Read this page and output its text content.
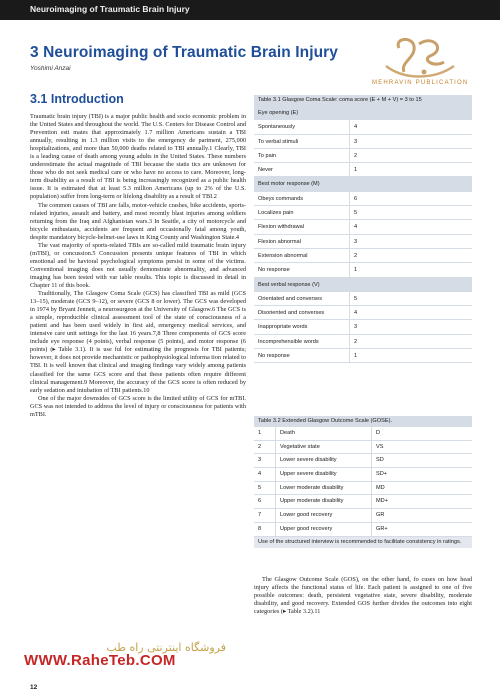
Neuroimaging of Traumatic Brain Injury
3 Neuroimaging of Traumatic Brain Injury
Yoshimi Anzai
MEHRAVIN PUBLICATION
3.1 Introduction

Traumatic brain injury (TBI) is a major public health and socio economic problem in the United States and throughout the world. The U.S. Centers for Disease Control and Prevention esti mates that approximately 1.7 million Americans sustain a TBI annually, resulting in 1.3 million visits to the emergency de partment, 275,000 hospitalizations, and more than 50,000 deaths related to TBI annually.1 Clearly, TBI is a leading cause of death among young adults in the United States. These numbers underestimate the actual magnitude of TBI because the statis tics are unknown for those who do not seek medical care or who have no access to care. Moreover, long-term disability as a result of TBI is being increasingly recognized as a public health issue. It is estimated that at least 5.3 million Americans (up to 2% of the U.S. population) suffer from long-term or lifelong disability as a result of TBI.2

The common causes of TBI are falls, motor-vehicle crashes, bike accidents, sports-related injuries, assault and battery, and most recently blast injuries among soldiers returning from the Iraq and Afghanistan wars.3 In Seattle, a city of motorcycle and bicycle enthusiasts, accidents are frequent and occasionally fatal among youth, despite mandatory bicycle-helmet-use laws in King County and Washington State.4

The vast majority of sports-related TBIs are so-called mild traumatic brain injury (mTBI), or concussion.5 Concussion presents unique features of TBI in which emotional and be havioral psychological symptoms persist in some of the victims. Conventional imaging does not usually demonstrate abnormality, and advanced imaging has been tested with var iable results. This topic is discussed in detail in Chapter 11 of this book.

Traditionally, The Glasgow Coma Scale (GCS) has classified TBI as mild (GCS 13–15), moderate (GCS 9–12), or severe (GCS 8 or lower). The GCS was developed in 1974 by Bryant Jennett, a neurosurgeon at the University of Glasgow.6 The GCS is a simple, reproducible clinical assessment tool of the state of consciousness of a patient and has been used widely in first aid, emergency medical services, and intensive care unit settings for the last 16 years.7,8 Three components of GCS score include eye response (4 points), verbal response (5 points), and motor response (6 points) (▸ Table 3.1). It is use ful for estimating the prognosis for TBI patients; however, it does not provide mechanistic or pathophysiological informa tion related to TBI. It is well known that clinical and imaging findings vary widely among patients classified for the same GCS score and that these patients often require different clinical management.9 Moreover, the accuracy of the GCS score is often reduced by early sedation and intubation of TBI patients.10

One of the major downsides of GCS score is the limited utility of GCS for mTBI. GCS was not intended to address the level of injury or consciousness for patients with mTBI.

Table 3.1 Glasgow Coma Scale: coma score (E + M + V) = 3 to 15
Eye opening (E)
Spontaneously	4
To verbal stimuli	3
To pain	2
Never	1
Best motor response (M)
Obeys commands	6
Localizes pain	5
Flexion withdrawal	4
Flexion abnormal	3
Extension abnormal	2
No response	1
Best verbal response (V)
Orientated and converses	5
Disoriented and converses	4
Inappropriate words	3
Incomprehensible words	2
No response	1
Table 3.2 Extended Glasgow Outcome Scale (GOSE).
1	Death	D
2	Vegetative state	VS
3	Lower severe disability	SD
4	Upper severe disability	SD+
5	Lower moderate disability	MD
6	Upper moderate disability	MD+
7	Lower good recovery	GR
8	Upper good recovery	GR+
Use of the structured interview is recommended to facilitate consistency in ratings.

The Glasgow Outcome Scale (GOS), on the other hand, fo cuses on how head injury affects the functional status of life. Each patient is assigned to one of five possible outcomes: death, persistent vegetative state, severe disability, moderate disability, and good recovery. Extended GOS further divides the outcomes into eight categories (▸ Table 3.2).11

فروشگاه اینترنتی راه طب
WWW.RaheTeb.COM
12
